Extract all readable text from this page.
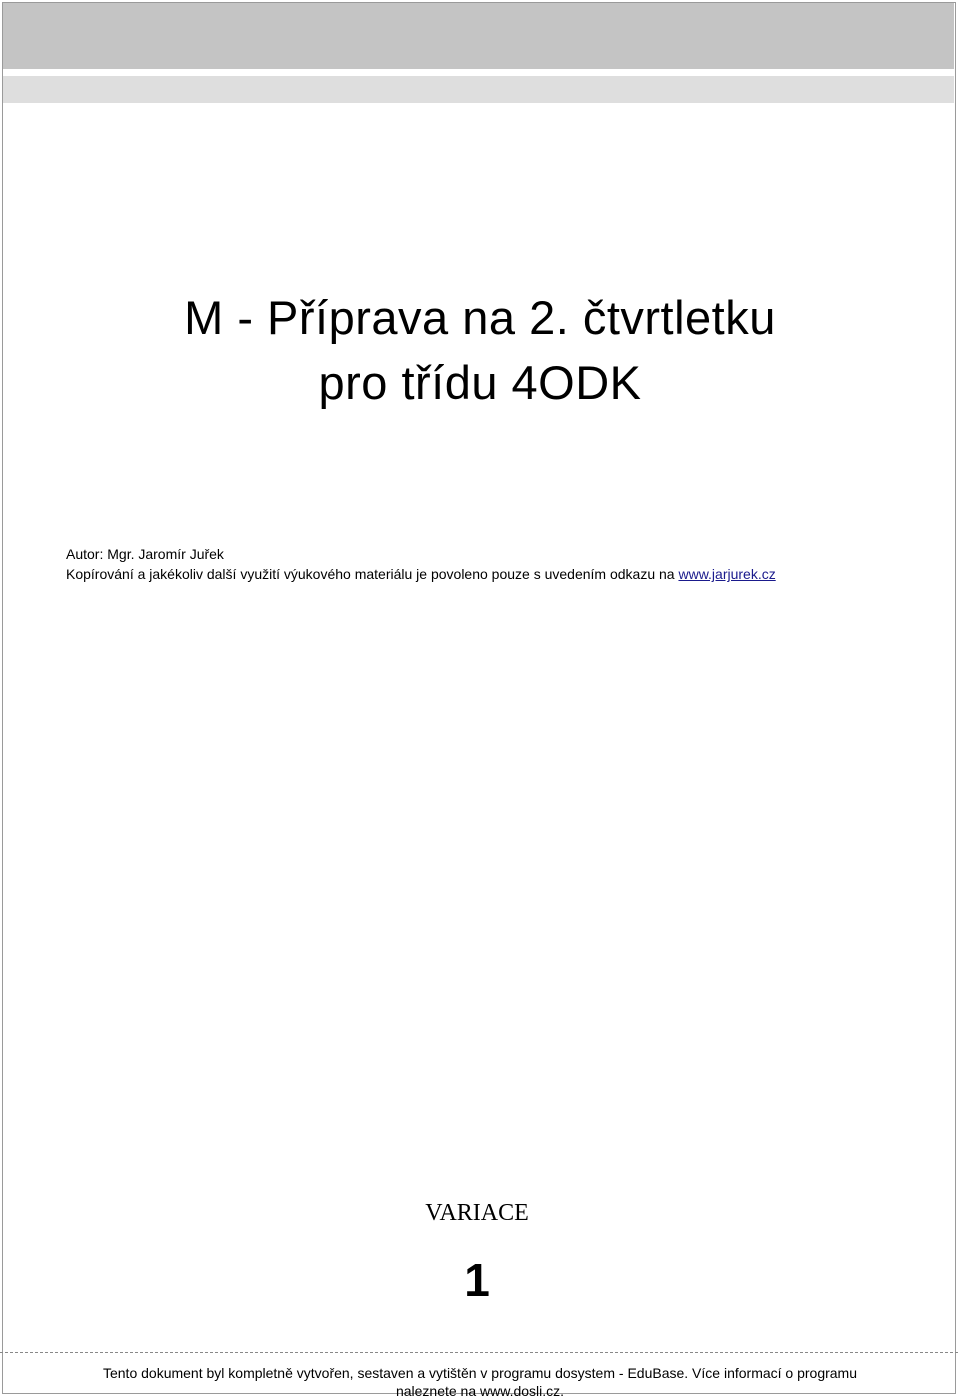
M - Příprava na 2. čtvrtletku
pro třídu 4ODK
Autor: Mgr. Jaromír Juřek
Kopírování a jakékoliv další využití výukového materiálu je povoleno pouze s uvedením odkazu na www.jarjurek.cz
VARIACE
1
Tento dokument byl kompletně vytvořen, sestaven a vytištěn v programu dosystem - EduBase. Více informací o programu
naleznete na www.dosli.cz.
